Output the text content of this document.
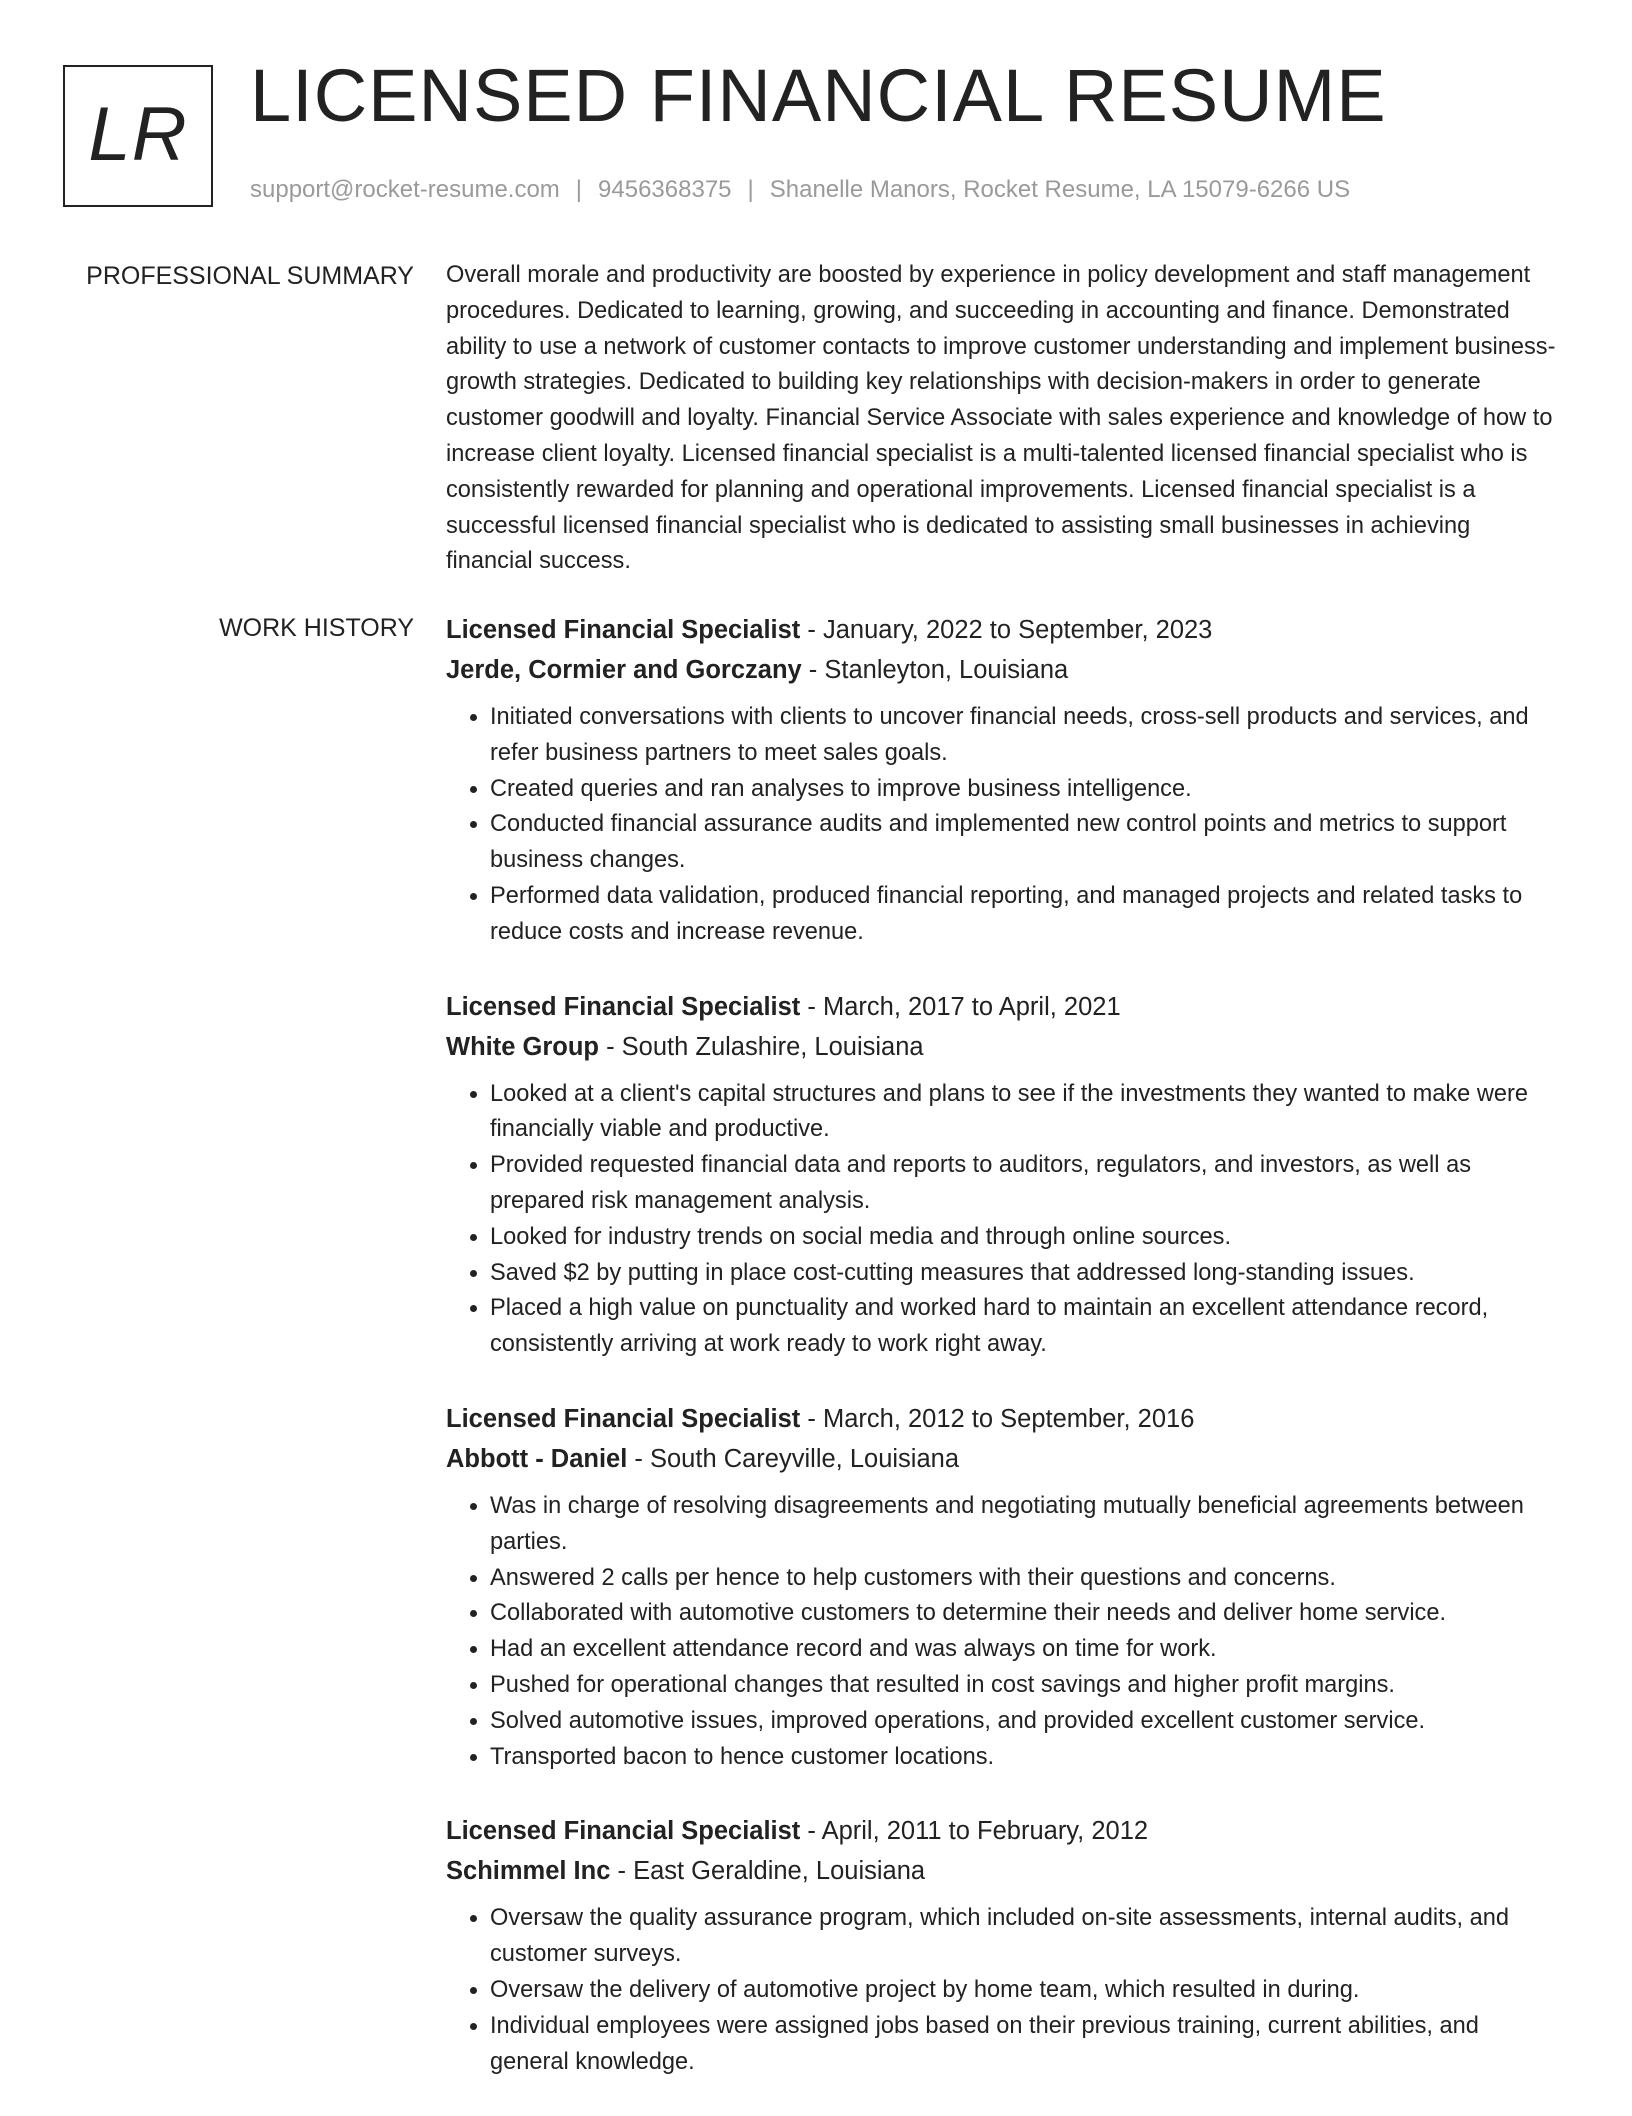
LR LICENSED FINANCIAL RESUME
support@rocket-resume.com | 9456368375 | Shanelle Manors, Rocket Resume, LA 15079-6266 US
PROFESSIONAL SUMMARY Overall morale and productivity are boosted by experience in policy development and staff management procedures. Dedicated to learning, growing, and succeeding in accounting and finance. Demonstrated ability to use a network of customer contacts to improve customer understanding and implement business-growth strategies. Dedicated to building key relationships with decision-makers in order to generate customer goodwill and loyalty. Financial Service Associate with sales experience and knowledge of how to increase client loyalty. Licensed financial specialist is a multi-talented licensed financial specialist who is consistently rewarded for planning and operational improvements. Licensed financial specialist is a successful licensed financial specialist who is dedicated to assisting small businesses in achieving financial success.

WORK HISTORY Licensed Financial Specialist - January, 2022 to September, 2023
Jerde, Cormier and Gorczany - Stanleyton, Louisiana
• Initiated conversations with clients to uncover financial needs, cross-sell products and services, and refer business partners to meet sales goals.
• Created queries and ran analyses to improve business intelligence.
• Conducted financial assurance audits and implemented new control points and metrics to support business changes.
• Performed data validation, produced financial reporting, and managed projects and related tasks to reduce costs and increase revenue.
Licensed Financial Specialist - March, 2017 to April, 2021
White Group - South Zulashire, Louisiana
• Looked at a client's capital structures and plans to see if the investments they wanted to make were financially viable and productive.
• Provided requested financial data and reports to auditors, regulators, and investors, as well as prepared risk management analysis.
• Looked for industry trends on social media and through online sources.
• Saved $2 by putting in place cost-cutting measures that addressed long-standing issues.
• Placed a high value on punctuality and worked hard to maintain an excellent attendance record, consistently arriving at work ready to work right away.
Licensed Financial Specialist - March, 2012 to September, 2016
Abbott - Daniel - South Careyville, Louisiana
• Was in charge of resolving disagreements and negotiating mutually beneficial agreements between parties.
• Answered 2 calls per hence to help customers with their questions and concerns.
• Collaborated with automotive customers to determine their needs and deliver home service.
• Had an excellent attendance record and was always on time for work.
• Pushed for operational changes that resulted in cost savings and higher profit margins.
• Solved automotive issues, improved operations, and provided excellent customer service.
• Transported bacon to hence customer locations.
Licensed Financial Specialist - April, 2011 to February, 2012
Schimmel Inc - East Geraldine, Louisiana
• Oversaw the quality assurance program, which included on-site assessments, internal audits, and customer surveys.
• Oversaw the delivery of automotive project by home team, which resulted in during.
• Individual employees were assigned jobs based on their previous training, current abilities, and general knowledge.
